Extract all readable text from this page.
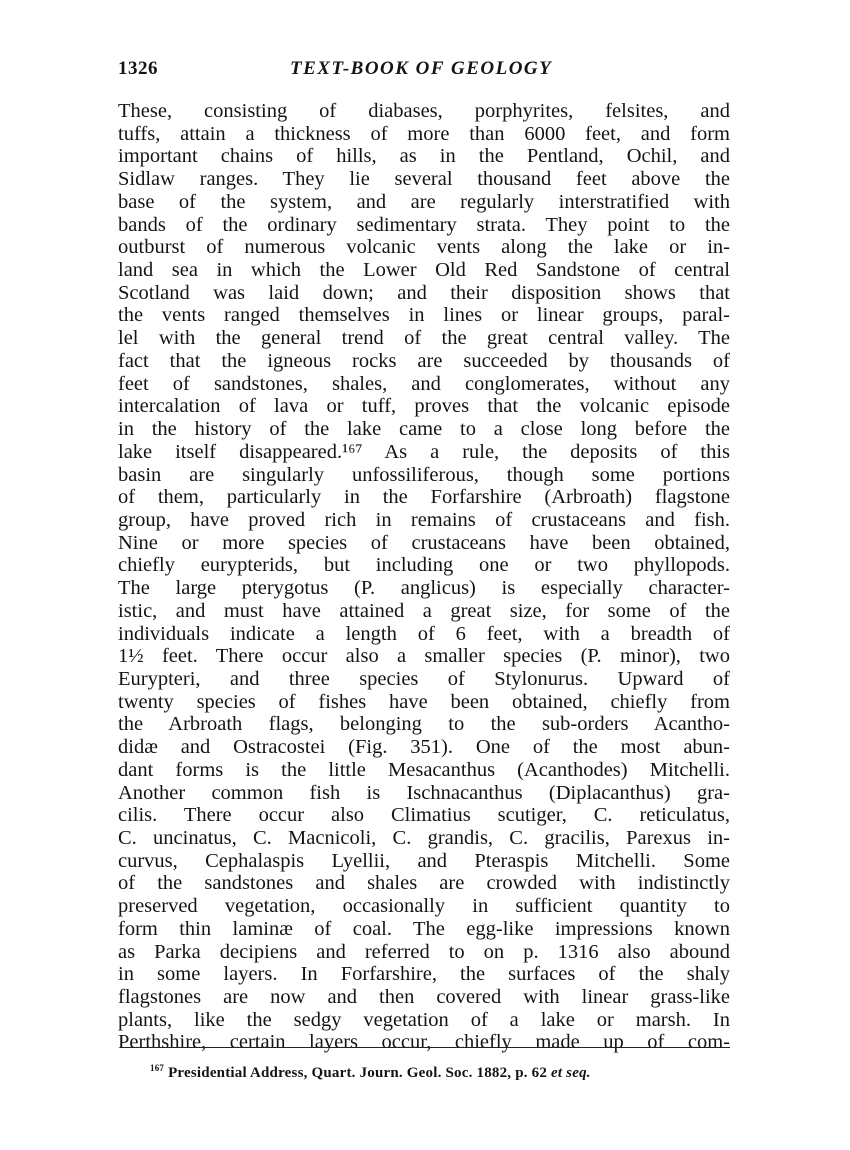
1326	TEXT-BOOK OF GEOLOGY
These, consisting of diabases, porphyrites, felsites, and
tuffs, attain a thickness of more than 6000 feet, and form
important chains of hills, as in the Pentland, Ochil, and
Sidlaw ranges. They lie several thousand feet above the
base of the system, and are regularly interstratified with
bands of the ordinary sedimentary strata. They point to the
outburst of numerous volcanic vents along the lake or in-
land sea in which the Lower Old Red Sandstone of central
Scotland was laid down; and their disposition shows that
the vents ranged themselves in lines or linear groups, paral-
lel with the general trend of the great central valley. The
fact that the igneous rocks are succeeded by thousands of
feet of sandstones, shales, and conglomerates, without any
intercalation of lava or tuff, proves that the volcanic episode
in the history of the lake came to a close long before the
lake itself disappeared.¹⁶⁷ As a rule, the deposits of this
basin are singularly unfossiliferous, though some portions
of them, particularly in the Forfarshire (Arbroath) flagstone
group, have proved rich in remains of crustaceans and fish.
Nine or more species of crustaceans have been obtained,
chiefly eurypterids, but including one or two phyllopods.
The large pterygotus (P. anglicus) is especially character-
istic, and must have attained a great size, for some of the
individuals indicate a length of 6 feet, with a breadth of
1½ feet. There occur also a smaller species (P. minor), two
Eurypteri, and three species of Stylonurus. Upward of
twenty species of fishes have been obtained, chiefly from
the Arbroath flags, belonging to the sub-orders Acantho-
didæ and Ostracostei (Fig. 351). One of the most abun-
dant forms is the little Mesacanthus (Acanthodes) Mitchelli.
Another common fish is Ischnacanthus (Diplacanthus) gra-
cilis. There occur also Climatius scutiger, C. reticulatus,
C. uncinatus, C. Macnicoli, C. grandis, C. gracilis, Parexus in-
curvus, Cephalaspis Lyellii, and Pteraspis Mitchelli. Some
of the sandstones and shales are crowded with indistinctly
preserved vegetation, occasionally in sufficient quantity to
form thin laminæ of coal. The egg-like impressions known
as Parka decipiens and referred to on p. 1316 also abound
in some layers. In Forfarshire, the surfaces of the shaly
flagstones are now and then covered with linear grass-like
plants, like the sedgy vegetation of a lake or marsh. In
Perthshire, certain layers occur, chiefly made up of com-
$^{167}$ Presidential Address, Quart. Journ. Geol. Soc. 1882, p. 62 et seq.
